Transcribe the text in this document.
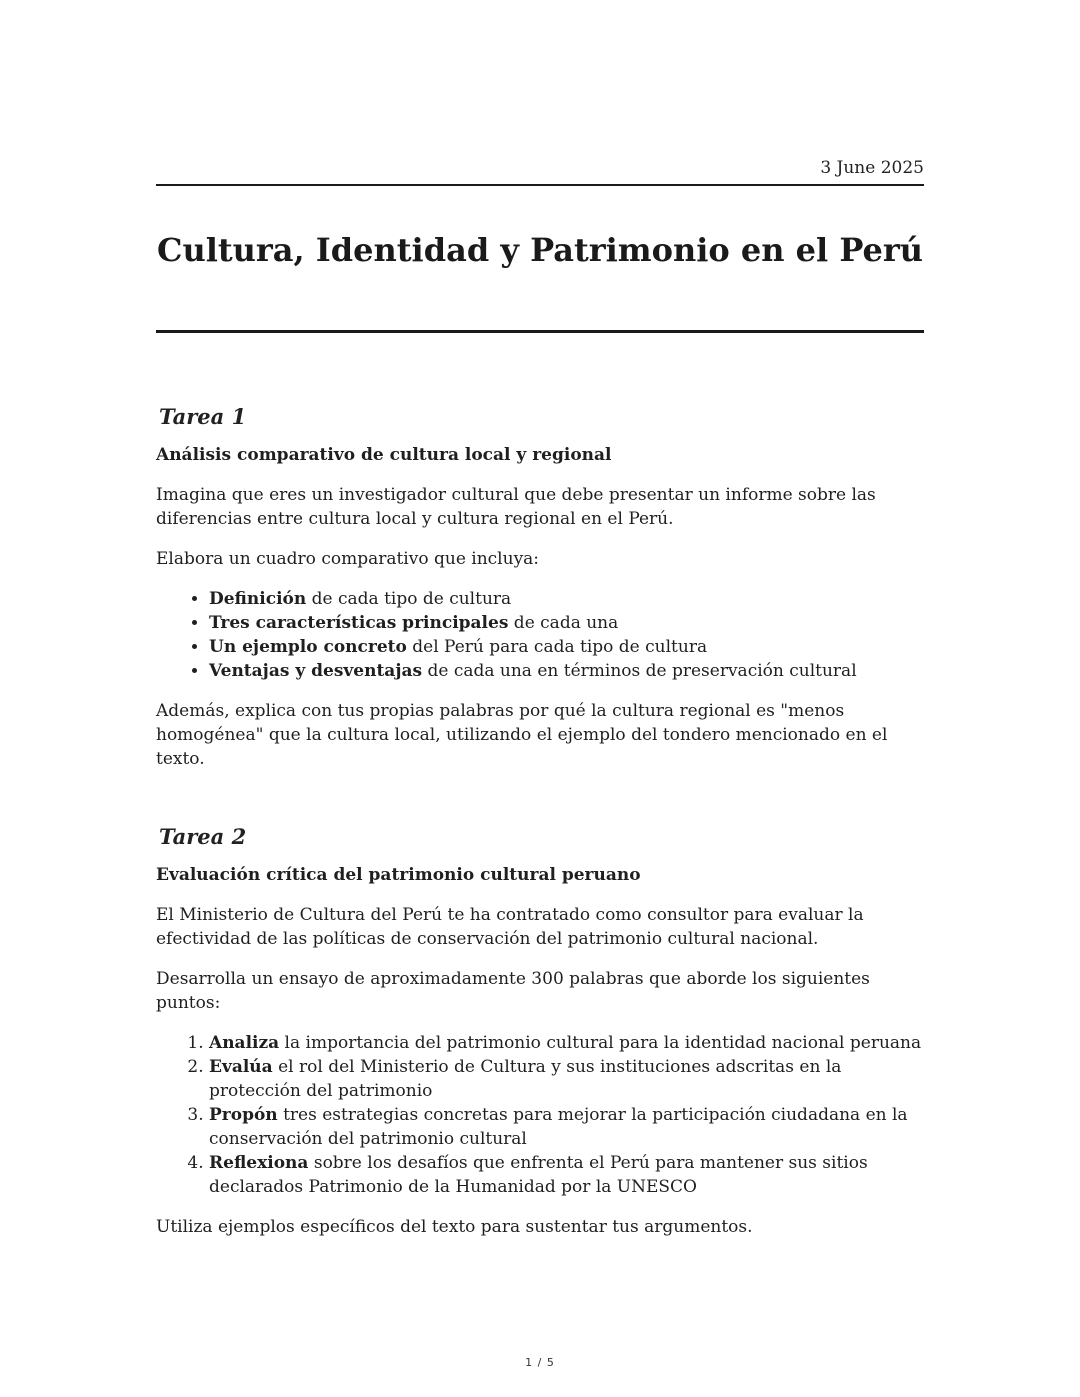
3 June 2025
Cultura, Identidad y Patrimonio en el Perú
Tarea 1
Análisis comparativo de cultura local y regional

Imagina que eres un investigador cultural que debe presentar un informe sobre las diferencias entre cultura local y cultura regional en el Perú.

Elabora un cuadro comparativo que incluya:

• Definición de cada tipo de cultura
• Tres características principales de cada una
• Un ejemplo concreto del Perú para cada tipo de cultura
• Ventajas y desventajas de cada una en términos de preservación cultural

Además, explica con tus propias palabras por qué la cultura regional es "menos homogénea" que la cultura local, utilizando el ejemplo del tondero mencionado en el texto.

Tarea 2
Evaluación crítica del patrimonio cultural peruano

El Ministerio de Cultura del Perú te ha contratado como consultor para evaluar la efectividad de las políticas de conservación del patrimonio cultural nacional.

Desarrolla un ensayo de aproximadamente 300 palabras que aborde los siguientes puntos:

1. Analiza la importancia del patrimonio cultural para la identidad nacional peruana
2. Evalúa el rol del Ministerio de Cultura y sus instituciones adscritas en la protección del patrimonio
3. Propón tres estrategias concretas para mejorar la participación ciudadana en la conservación del patrimonio cultural
4. Reflexiona sobre los desafíos que enfrenta el Perú para mantener sus sitios declarados Patrimonio de la Humanidad por la UNESCO

Utiliza ejemplos específicos del texto para sustentar tus argumentos.

1 / 5
